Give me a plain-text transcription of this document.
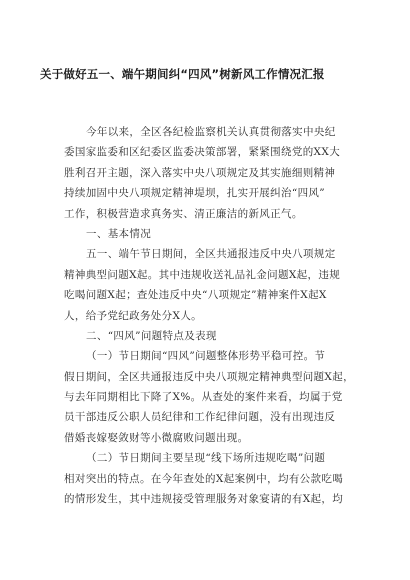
关于做好五一、端午期间纠“四风”树新风工作情况汇报
今年以来，全区各纪检监察机关认真贯彻落实中央纪
委国家监委和区纪委区监委决策部署，紧紧围绕党的XX大
胜利召开主题，深入落实中央八项规定及其实施细则精神
持续加固中央八项规定精神堤坝，扎实开展纠治“四风”
工作，积极营造求真务实、清正廉洁的新风正气。
一、基本情况
五一、端午节日期间，全区共通报违反中央八项规定
精神典型问题X起。其中违规收送礼品礼金问题X起，违规
吃喝问题X起；查处违反中央“八项规定”精神案件X起X
人，给予党纪政务处分X人。
二、“四风”问题特点及表现
（一）节日期间“四风”问题整体形势平稳可控。节
假日期间，全区共通报违反中央八项规定精神典型问题X起，
与去年同期相比下降了X%。从查处的案件来看，均属于党
员干部违反公职人员纪律和工作纪律问题，没有出现违反
借婚丧嫁娶敛财等小微腐败问题出现。
（二）节日期间主要呈现“线下场所违规吃喝”问题
相对突出的特点。在今年查处的X起案例中，均有公款吃喝
的情形发生，其中违规接受管理服务对象宴请的有X起，均
